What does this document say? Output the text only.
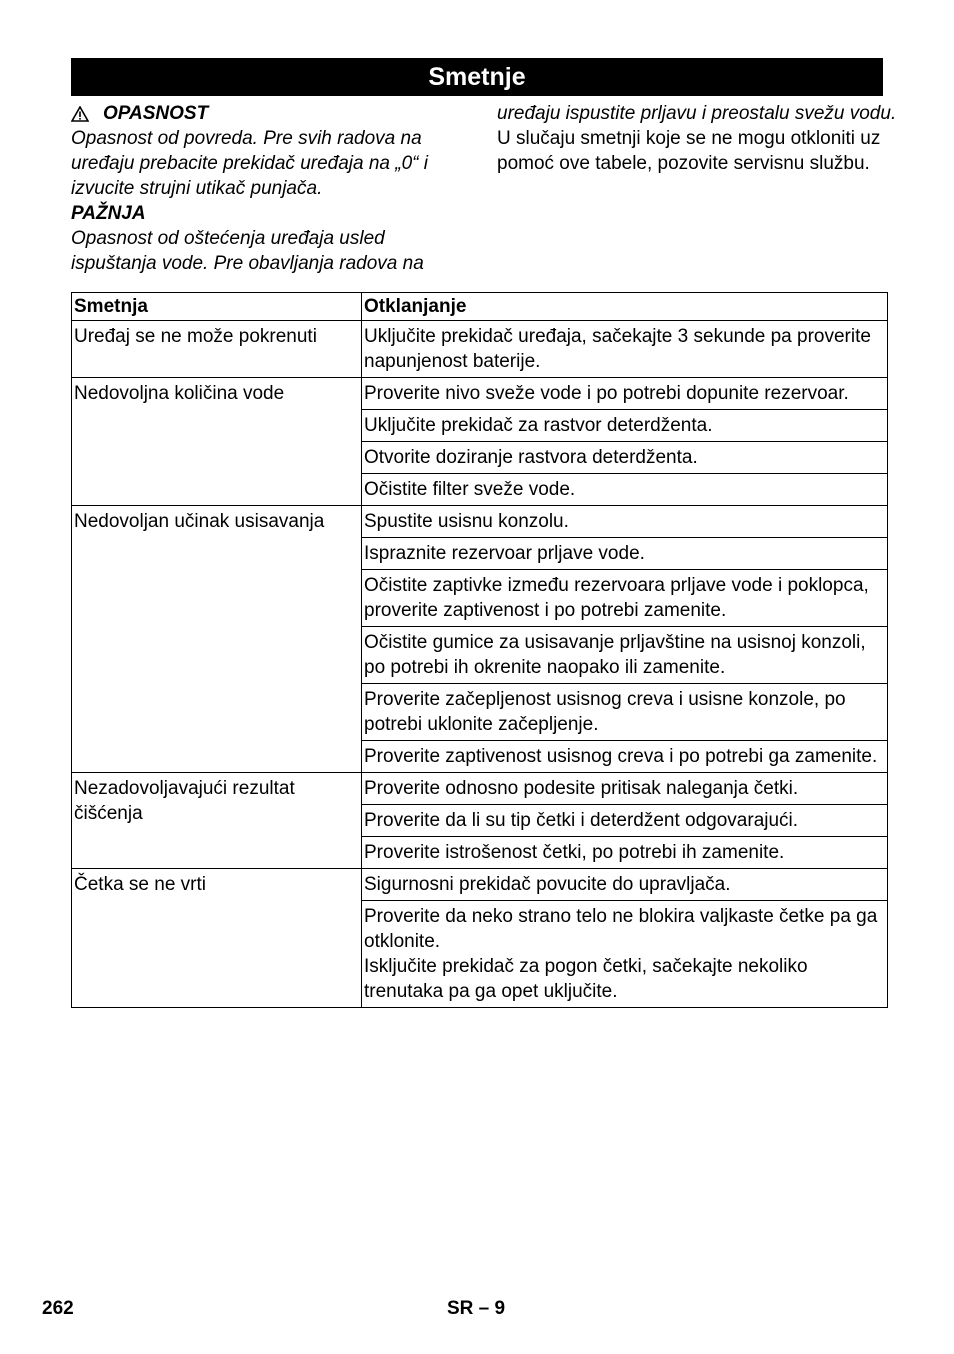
Smetnje
OPASNOST

Opasnost od povreda. Pre svih radova na uređaju prebacite prekidač uređaja na „0“ i izvucite strujni utikač punjača.

PAŽNJA

Opasnost od oštećenja uređaja usled ispuštanja vode. Pre obavljanja radova na

uređaju ispustite prljavu i preostalu svežu vodu.

U slučaju smetnji koje se ne mogu otkloniti uz pomoć ove tabele, pozovite servisnu službu.

Smetnja	Otklanjanje
Uređaj se ne može pokrenuti	Uključite prekidač uređaja, sačekajte 3 sekunde pa proverite napunjenost baterije.
Nedovoljna količina vode	Proverite nivo sveže vode i po potrebi dopunite rezervoar.
	Uključite prekidač za rastvor deterdženta.
	Otvorite doziranje rastvora deterdženta.
	Očistite filter sveže vode.
Nedovoljan učinak usisavanja	Spustite usisnu konzolu.
	Ispraznite rezervoar prljave vode.
	Očistite zaptivke između rezervoara prljave vode i poklopca, proverite zaptivenost i po potrebi zamenite.
	Očistite gumice za usisavanje prljavštine na usisnoj konzoli, po potrebi ih okrenite naopako ili zamenite.
	Proverite začepljenost usisnog creva i usisne konzole, po potrebi uklonite začepljenje.
	Proverite zaptivenost usisnog creva i po potrebi ga zamenite.
Nezadovoljavajući rezultat čišćenja	Proverite odnosno podesite pritisak naleganja četki.
	Proverite da li su tip četki i deterdžent odgovarajući.
	Proverite istrošenost četki, po potrebi ih zamenite.
Četka se ne vrti	Sigurnosni prekidač povucite do upravljača.

	Proverite da neko strano telo ne blokira valjkaste četke pa ga otklonite.
Isključite prekidač za pogon četki, sačekajte nekoliko trenutaka pa ga opet uključite.
262	SR – 9
